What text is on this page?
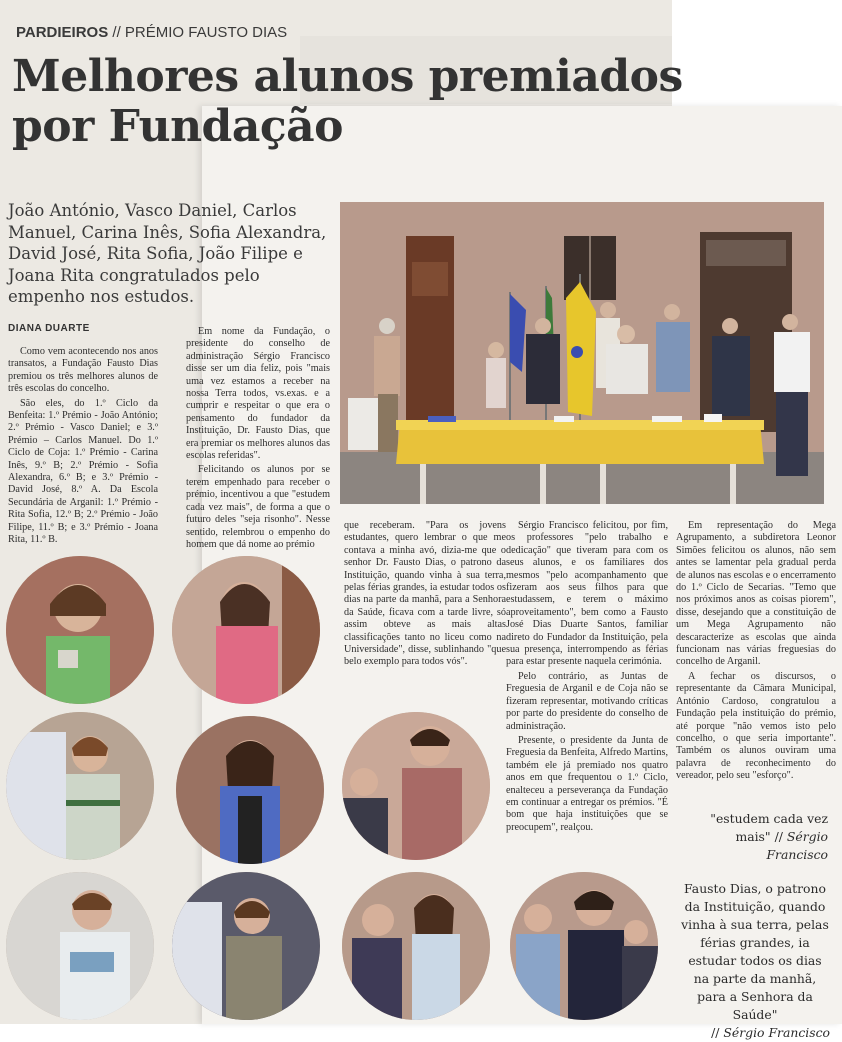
PARDIEIROS // PRÉMIO FAUSTO DIAS
Melhores alunos premiados
por Fundação

João António, Vasco Daniel, Carlos Manuel, Carina Inês, Sofia Alexandra, David José, Rita Sofia, João Filipe e Joana Rita congratulados pelo empenho nos estudos.

DIANA DUARTE

Como vem acontecendo nos anos transatos, a Fundação Fausto Dias premiou os três melhores alunos de três escolas do concelho.

São eles, do 1.º Ciclo da Benfeita: 1.º Prémio - João António; 2.º Prémio - Vasco Daniel; e 3.º Prémio – Carlos Manuel. Do 1.º Ciclo de Coja: 1.º Prémio - Carina Inês, 9.º B; 2.º Prémio - Sofia Alexandra, 6.º B; e 3.º Prémio - David José, 8.º A. Da Escola Secundária de Arganil: 1.º Prémio - Rita Sofia, 12.º B; 2.º Prémio - João Filipe, 11.º B; e 3.º Prémio - Joana Rita, 11.º B.

Em nome da Fundação, o presidente do conselho de administração Sérgio Francisco disse ser um dia feliz, pois "mais uma vez estamos a receber na nossa Terra todos, vs.exas. e a cumprir e respeitar o que era o pensamento do fundador da Instituição, Dr. Fausto Dias, que era premiar os melhores alunos das escolas referidas".

Felicitando os alunos por se terem empenhado para receber o prémio, incentivou a que "estudem cada vez mais", de forma a que o futuro deles "seja risonho". Nesse sentido, relembrou o empenho do homem que dá nome ao prémio

que receberam. "Para os jovens estudantes, quero lembrar o que me contava a minha avó, dizia-me que o senhor Dr. Fausto Dias, o patrono da Instituição, quando vinha à sua terra, pelas férias grandes, ia estudar todos os dias na parte da manhã, para a Senhora da Saúde, ficava com a tarde livre, só assim obteve as mais altas classificações tanto no liceu como na Universidade", disse, sublinhando "que belo exemplo para todos vós".

Sérgio Francisco felicitou, por fim, os professores "pelo trabalho e dedicação" que tiveram para com os seus alunos, e os familiares dos mesmos "pelo acompanhamento que fizeram aos seus filhos para que estudassem, e terem o máximo aproveitamento", bem como a Fausto José Dias Duarte Santos, familiar direto do Fundador da Instituição, pela sua presença, interrompendo as férias para estar presente naquela cerimónia.

Pelo contrário, as Juntas de Freguesia de Arganil e de Coja não se fizeram representar, motivando críticas por parte do presidente do conselho de administração.

Presente, o presidente da Junta de Freguesia da Benfeita, Alfredo Martins, também ele já premiado nos quatro anos em que frequentou o 1.º Ciclo, enalteceu a perseverança da Fundação em continuar a entregar os prémios. "É bom que haja instituições que se preocupem", realçou.

Em representação do Mega Agrupamento, a subdiretora Leonor Simões felicitou os alunos, não sem antes se lamentar pela gradual perda de alunos nas escolas e o encerramento do 1.º Ciclo de Secarias. "Temo que nos próximos anos as coisas piorem", disse, desejando que a constituição de um Mega Agrupamento não descaracterize as escolas que ainda funcionam nas várias freguesias do concelho de Arganil.

A fechar os discursos, o representante da Câmara Municipal, António Cardoso, congratulou a Fundação pela instituição do prémio, até porque "não vemos isto pelo concelho, o que seria importante". Também os alunos ouviram uma palavra de reconhecimento do vereador, pelo seu "esforço".

"estudem cada vez mais" // Sérgio Francisco
Fausto Dias, o patrono da Instituição, quando vinha à sua terra, pelas férias grandes, ia estudar todos os dias na parte da manhã, para a Senhora da Saúde"
// Sérgio Francisco
